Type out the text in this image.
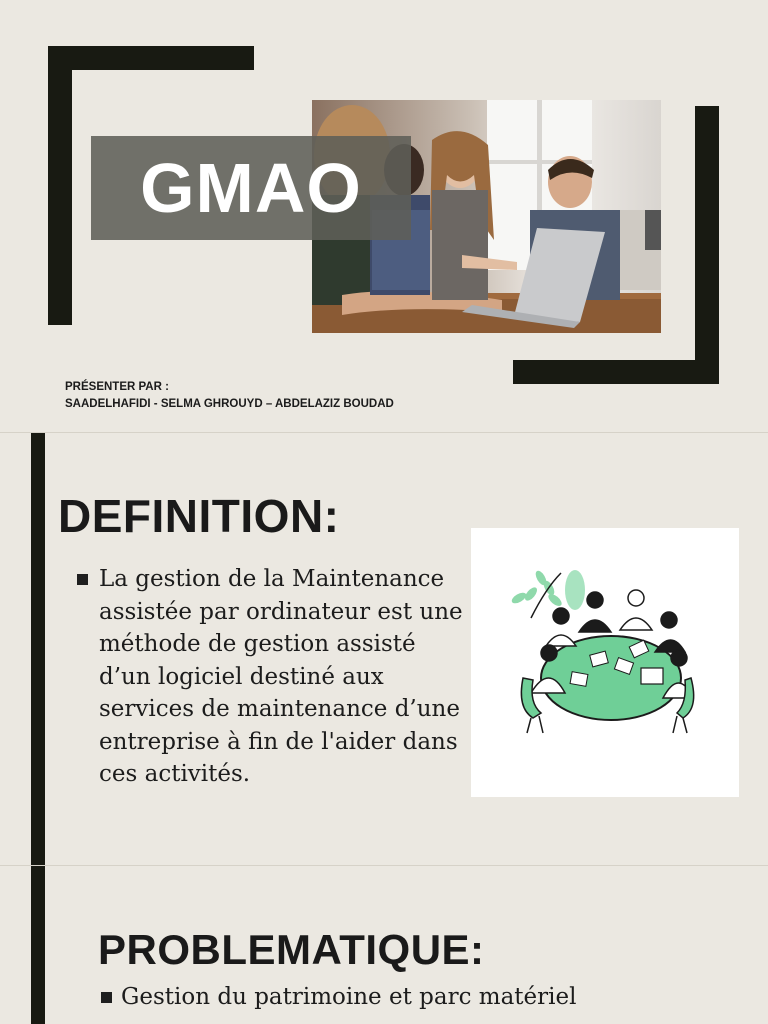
GMAO
PRÉSENTER PAR :
SAADELHAFIDI - SELMA GHROUYD – ABDELAZIZ BOUDAD
DEFINITION:
La gestion de la Maintenance assistée par ordinateur est une méthode de gestion assisté d’un logiciel destiné aux services de maintenance d’une entreprise à fin de l'aider dans ces activités.
PROBLEMATIQUE:
Gestion du patrimoine et parc matériel
